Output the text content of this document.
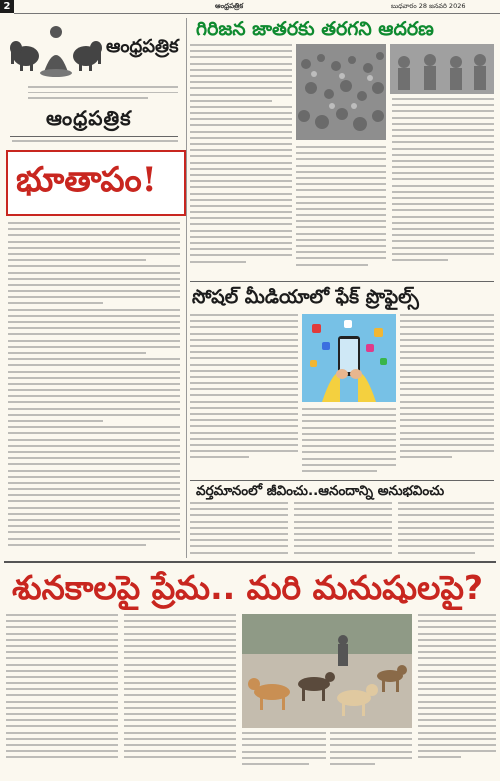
2	ఆంధ్రపత్రిక	బుధవారం 28 జనవరి 2026
ఆంధ్రపత్రిక
ఆంధ్రపత్రిక
భూతాపం!
గిరిజన జాతరకు తరగని ఆదరణ
సోషల్ మీడియాలో ఫేక్ ప్రొఫైల్స్
వర్తమానంలో జీవించు..ఆనందాన్ని అనుభవించు
శునకాలపై ప్రేమ.. మరి మనుషులపై?
